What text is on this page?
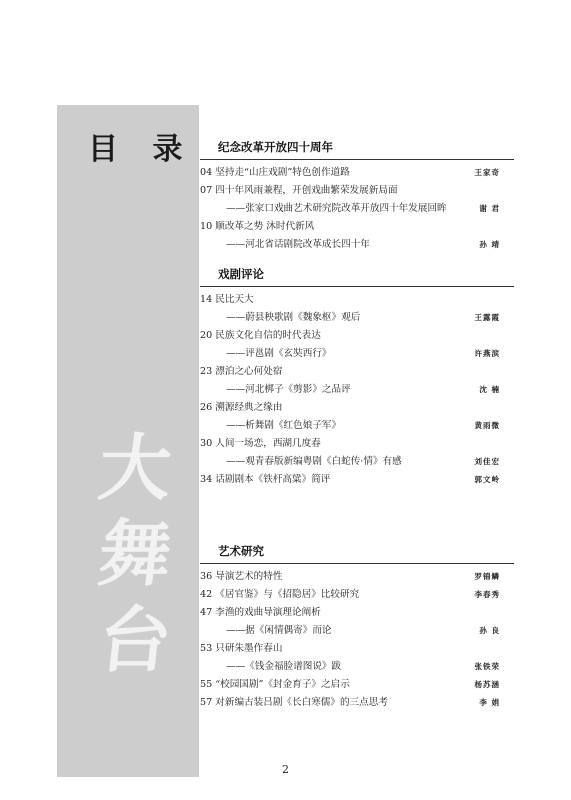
目 录
大
舞
台
纪念改革开放四十周年
04 坚持走“山庄戏剧”特色创作道路	王家奇
07 四十年风雨兼程，开创戏曲繁荣发展新局面
——张家口戏曲艺术研究院改革开放四十年发展回眸	谢 君
10 顺改革之势 沐时代新风
——河北省话剧院改革成长四十年	孙 靖
戏剧评论
14 民比天大
——蔚县秧歌剧《魏象枢》观后	王露霞
20 民族文化自信的时代表达
——评邕剧《玄奘西行》	许燕滨
23 漂泊之心何处宿
——河北梆子《剪影》之品评	沈 楠
26 溯源经典之缘由
——析舞剧《红色娘子军》	黄雨微
30 人间一场恋，西湖几度春
——观青春版新编粤剧《白蛇传·情》有感	刘佳宏
34 话剧剧本《铁杆高粱》简评	郭文岭
艺术研究
36 导演艺术的特性	罗锦鳞
42 《居官鉴》与《招隐居》比较研究	李春秀
47 李渔的戏曲导演理论阐析
——据《闲情偶寄》而论	孙 良
53 只研朱墨作春山
——《钱金福脸谱图说》跋	张铁荣
55 “校园国剧”《封金育子》之启示	杨苏涵
57 对新编古装吕剧《长白寒儒》的三点思考	李 娟
2
